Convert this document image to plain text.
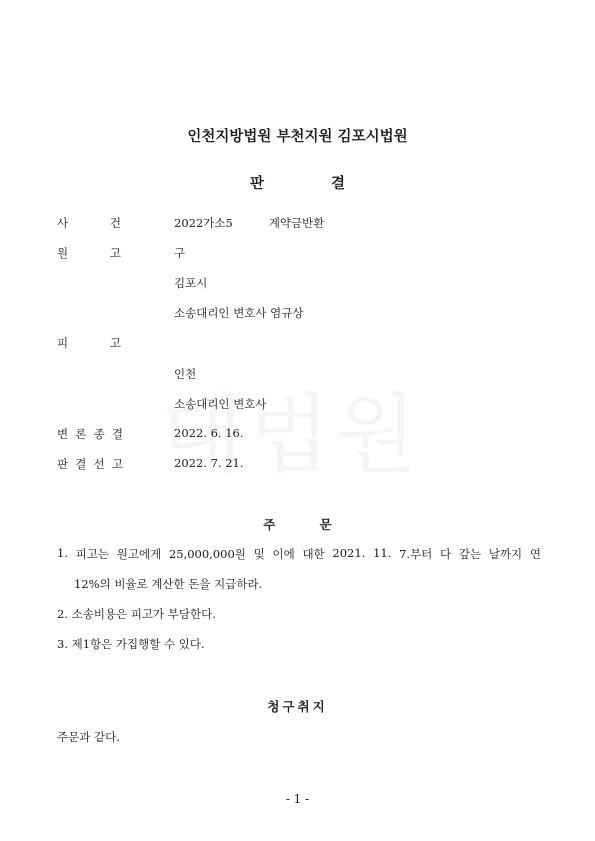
인천지방법원 부천지원 김포시법원
판 결
사	건	2022가소5	계약금반환
원	고	구
김포시
소송대리인 변호사 염규상
피	고
인천
소송대리인 변호사
변 론 종 결	2022. 6. 16.
판 결 선 고	2022. 7. 21.
주 문
1. 피고는 원고에게 25,000,000원 및 이에 대한 2021. 11. 7.부터 다 갚는 날까지 연
12%의 비율로 계산한 돈을 지급하라.
2. 소송비용은 피고가 부담한다.
3. 제1항은 가집행할 수 있다.
청구취지
주문과 같다.
- 1 -
